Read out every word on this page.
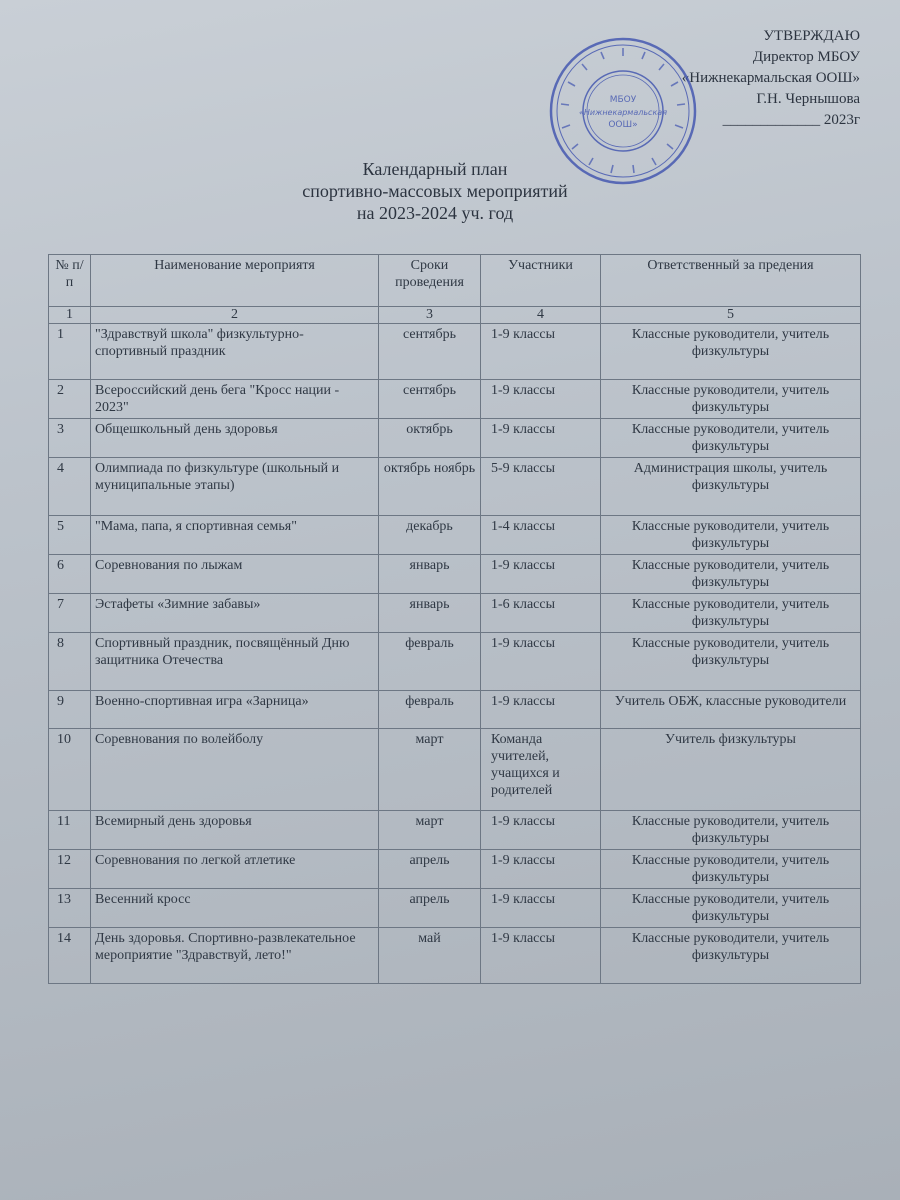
УТВЕРЖДАЮ
Директор МБОУ
«Нижнекармальская ООШ»
Г.Н. Чернышова
_____________ 2023г
МБОУ
«Нижнекармальская
ООШ»
Календарный план
спортивно-массовых мероприятий
на 2023-2024 уч. год
№ п/п	Наименование мероприятя	Сроки проведения	Участники	Ответственный за предения
1	2	3	4	5
1	"Здравствуй школа" физкультурно-спортивный праздник	сентябрь	1-9 классы	Класcные руководители, учитель физкультуры
2	Всероссийский день бега "Кросс нации - 2023"	сентябрь	1-9 классы	Класcные руководители, учитель физкультуры
3	Общешкольный день здоровья	октябрь	1-9 классы	Класcные руководители, учитель физкультуры
4	Олимпиада по физкультуре (школьный и муниципальные этапы)	октябрь ноябрь	5-9 классы	Администрация школы, учитель физкультуры
5	"Мама, папа, я спортивная семья"	декабрь	1-4 классы	Класcные руководители, учитель физкультуры
6	Соревнования по лыжам	январь	1-9 классы	Класcные руководители, учитель физкультуры
7	Эстафеты «Зимние забавы»	январь	1-6 классы	Класcные руководители, учитель физкультуры
8	Спортивный праздник, посвящённый Дню защитника Отечества	февраль	1-9 классы	Класcные руководители, учитель физкультуры
9	Военно-спортивная игра «Зарница»	февраль	1-9 классы	Учитель ОБЖ, класcные руководители
10	Соревнования по волейболу	март	Команда учителей, учащихся и родителей	Учитель физкультуры
11	Всемирный день здоровья	март	1-9 классы	Класcные руководители, учитель физкультуры
12	Соревнования по легкой атлетике	апрель	1-9 классы	Класcные руководители, учитель физкультуры
13	Весенний кросс	апрель	1-9 классы	Класcные руководители, учитель физкультуры
14	День здоровья. Спортивно-развлекательное мероприятие "Здравствуй, лето!"	май	1-9 классы	Класcные руководители, учитель физкультуры
